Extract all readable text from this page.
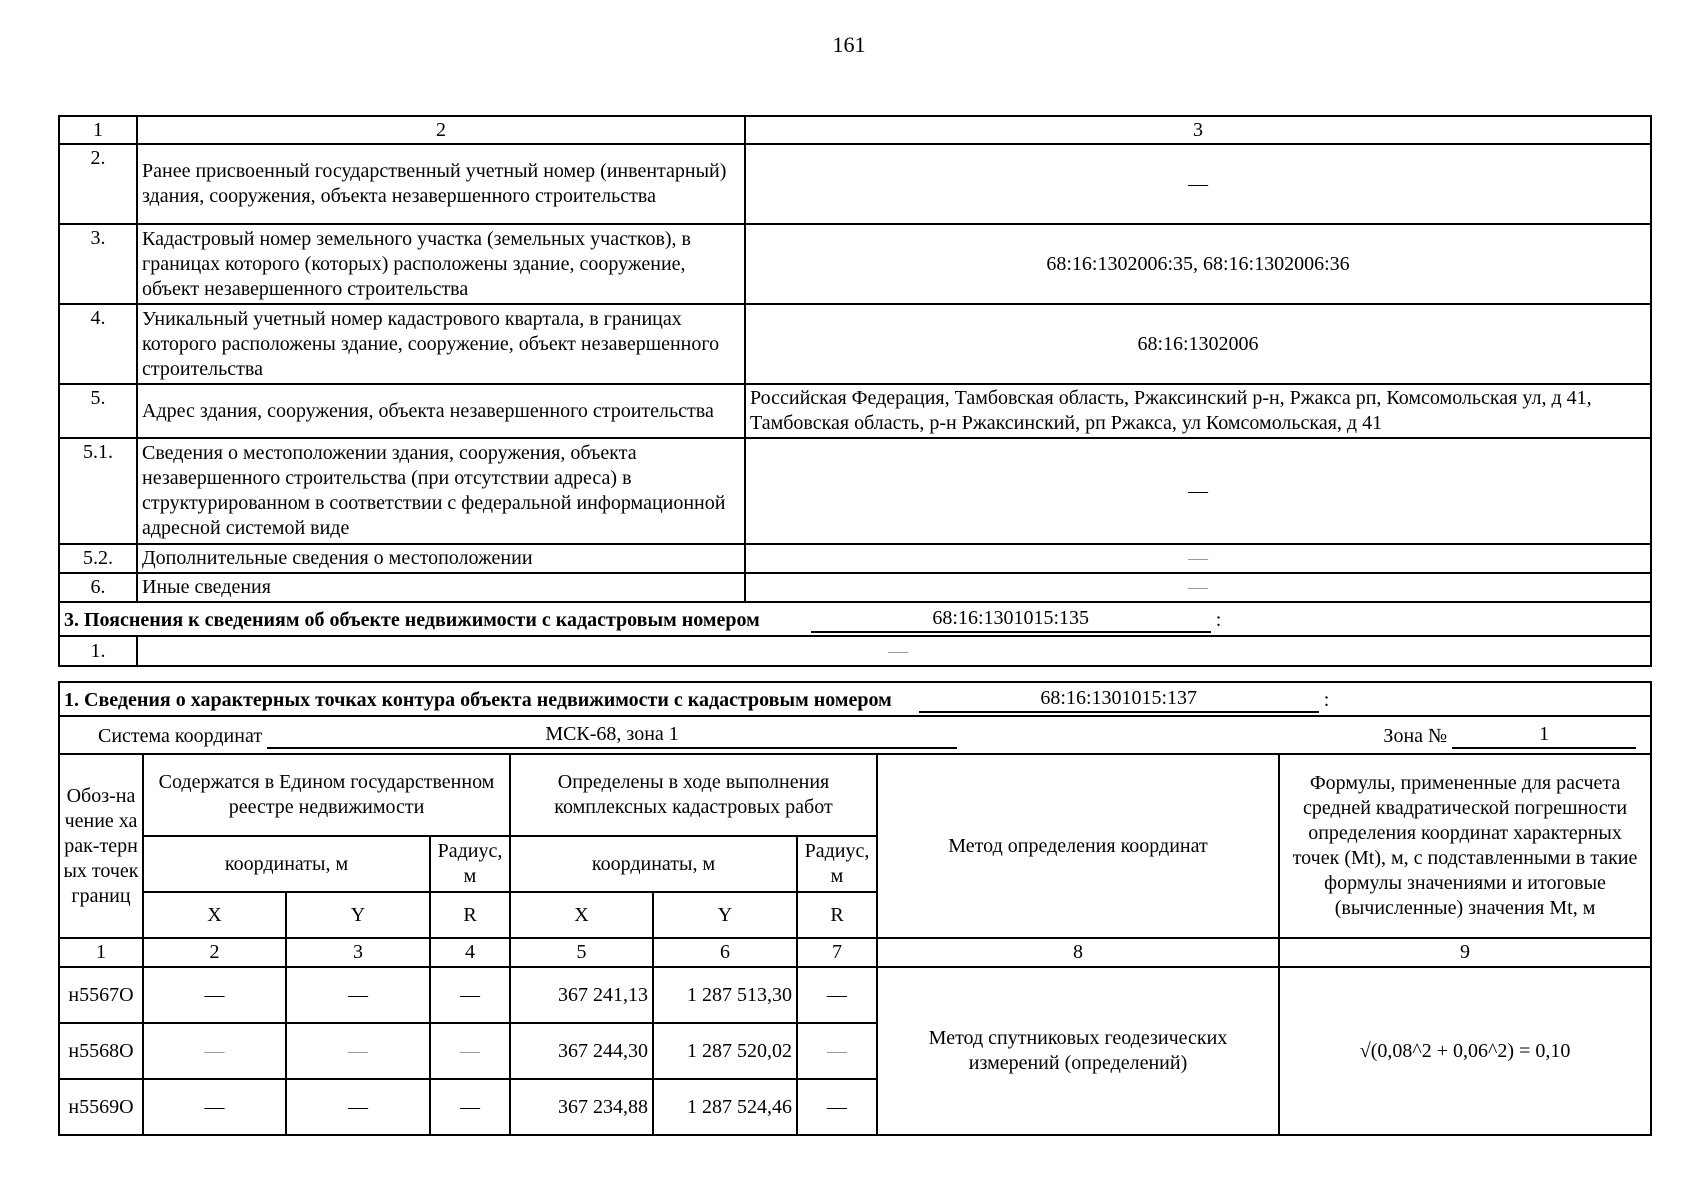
161
1	2	3
2.	Ранее присвоенный государственный учетный номер (инвентарный) здания, сооружения, объекта незавершенного строительства	—
3.	Кадастровый номер земельного участка (земельных участков), в границах которого (которых) расположены здание, сооружение, объект незавершенного строительства	68:16:1302006:35, 68:16:1302006:36
4.	Уникальный учетный номер кадастрового квартала, в границах которого расположены здание, сооружение, объект незавершенного строительства	68:16:1302006
5.	Адрес здания, сооружения, объекта незавершенного строительства	Российская Федерация, Тамбовская область, Ржаксинский р-н, Ржакса рп, Комсомольская ул, д 41, Тамбовская область, р-н Ржаксинский, рп Ржакса, ул Комсомольская, д 41
5.1.	Сведения о местоположении здания, сооружения, объекта незавершенного строительства (при отсутствии адреса) в структурированном в соответствии с федеральной информационной адресной системой виде	—
5.2.	Дополнительные сведения о местоположении	—
6.	Иные сведения	—
3. Пояснения к сведениям об объекте недвижимости с кадастровым номером 68:16:1301015:135 :		
1.	—	
1. Сведения о характерных точках контура объекта недвижимости с кадастровым номером 68:16:1301015:137 :								

Система координат МСК-68, зона 1 Зона № 1								

Обоз-начение харак-терных точек границ	Содержатся в Едином государственном реестре недвижимости			Определены в ходе выполнения комплексных кадастровых работ			Метод определения координат	Формулы, примененные для расчета средней квадратической погрешности определения координат характерных точек (Mt), м, с подставленными в такие формулы значениями и итоговые (вычисленные) значения Mt, м
	координаты, м		Радиус, м	координаты, м		Радиус, м		
	X	Y	R	X	Y	R		
1	2	3	4	5	6	7	8	9
н5567О	—	—	—	367 241,13	1 287 513,30	—	Метод спутниковых геодезических измерений (определений)	√(0,08^2 + 0,06^2) = 0,10
н5568О	—	—	—	367 244,30	1 287 520,02	—		
н5569О	—	—	—	367 234,88	1 287 524,46	—		
